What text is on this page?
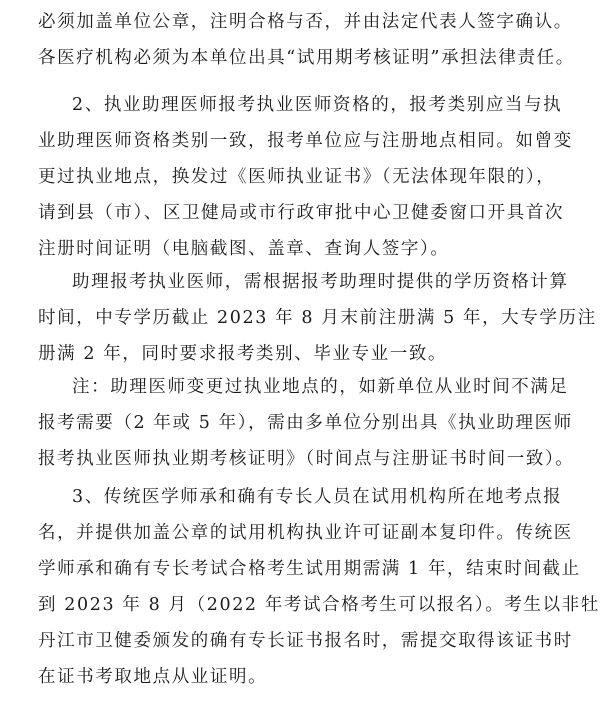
必须加盖单位公章，注明合格与否，并由法定代表人签字确认。
各医疗机构必须为本单位出具“试用期考核证明”承担法律责任。
2、执业助理医师报考执业医师资格的，报考类别应当与执
业助理医师资格类别一致，报考单位应与注册地点相同。如曾变
更过执业地点，换发过《医师执业证书》（无法体现年限的），
请到县（市）、区卫健局或市行政审批中心卫健委窗口开具首次
注册时间证明（电脑截图、盖章、查询人签字）。
助理报考执业医师，需根据报考助理时提供的学历资格计算
时间，中专学历截止 2023 年 8 月末前注册满 5 年，大专学历注
册满 2 年，同时要求报考类别、毕业专业一致。
注：助理医师变更过执业地点的，如新单位从业时间不满足
报考需要（2 年或 5 年），需由多单位分别出具《执业助理医师
报考执业医师执业期考核证明》（时间点与注册证书时间一致）。
3、传统医学师承和确有专长人员在试用机构所在地考点报
名，并提供加盖公章的试用机构执业许可证副本复印件。传统医
学师承和确有专长考试合格考生试用期需满 1 年，结束时间截止
到 2023 年 8 月（2022 年考试合格考生可以报名）。考生以非牡
丹江市卫健委颁发的确有专长证书报名时，需提交取得该证书时
在证书考取地点从业证明。
